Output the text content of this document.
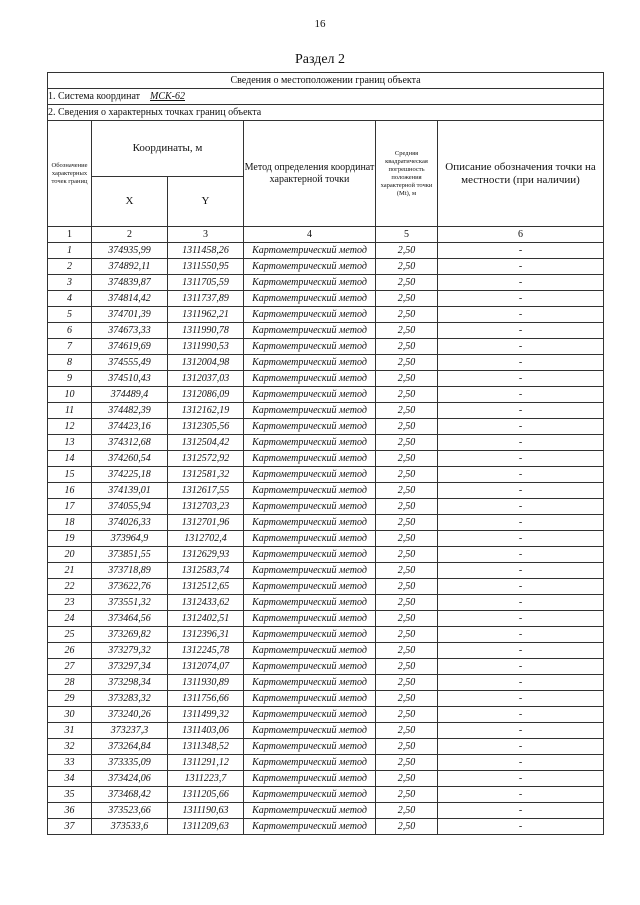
16
Раздел 2
Сведения о местоположении границ объекта					
1. Система координат МСК-62					
2. Сведения о характерных точках границ объекта					
Обозначение характерных точек границ	Координаты, м		Метод определения координат характерной точки	Средняя квадратическая погрешность положения характерной точки (Mt), м	Описание обозначения точки на местности (при наличии)
	X	Y			
1	2	3	4	5	6
1	374935,99	1311458,26	Картометрический метод	2,50	-
2	374892,11	1311550,95	Картометрический метод	2,50	-
3	374839,87	1311705,59	Картометрический метод	2,50	-
4	374814,42	1311737,89	Картометрический метод	2,50	-
5	374701,39	1311962,21	Картометрический метод	2,50	-
6	374673,33	1311990,78	Картометрический метод	2,50	-
7	374619,69	1311990,53	Картометрический метод	2,50	-
8	374555,49	1312004,98	Картометрический метод	2,50	-
9	374510,43	1312037,03	Картометрический метод	2,50	-
10	374489,4	1312086,09	Картометрический метод	2,50	-
11	374482,39	1312162,19	Картометрический метод	2,50	-
12	374423,16	1312305,56	Картометрический метод	2,50	-
13	374312,68	1312504,42	Картометрический метод	2,50	-
14	374260,54	1312572,92	Картометрический метод	2,50	-
15	374225,18	1312581,32	Картометрический метод	2,50	-
16	374139,01	1312617,55	Картометрический метод	2,50	-
17	374055,94	1312703,23	Картометрический метод	2,50	-
18	374026,33	1312701,96	Картометрический метод	2,50	-
19	373964,9	1312702,4	Картометрический метод	2,50	-
20	373851,55	1312629,93	Картометрический метод	2,50	-
21	373718,89	1312583,74	Картометрический метод	2,50	-
22	373622,76	1312512,65	Картометрический метод	2,50	-
23	373551,32	1312433,62	Картометрический метод	2,50	-
24	373464,56	1312402,51	Картометрический метод	2,50	-
25	373269,82	1312396,31	Картометрический метод	2,50	-
26	373279,32	1312245,78	Картометрический метод	2,50	-
27	373297,34	1312074,07	Картометрический метод	2,50	-
28	373298,34	1311930,89	Картометрический метод	2,50	-
29	373283,32	1311756,66	Картометрический метод	2,50	-
30	373240,26	1311499,32	Картометрический метод	2,50	-
31	373237,3	1311403,06	Картометрический метод	2,50	-
32	373264,84	1311348,52	Картометрический метод	2,50	-
33	373335,09	1311291,12	Картометрический метод	2,50	-
34	373424,06	1311223,7	Картометрический метод	2,50	-
35	373468,42	1311205,66	Картометрический метод	2,50	-
36	373523,66	1311190,63	Картометрический метод	2,50	-
37	373533,6	1311209,63	Картометрический метод	2,50	-
